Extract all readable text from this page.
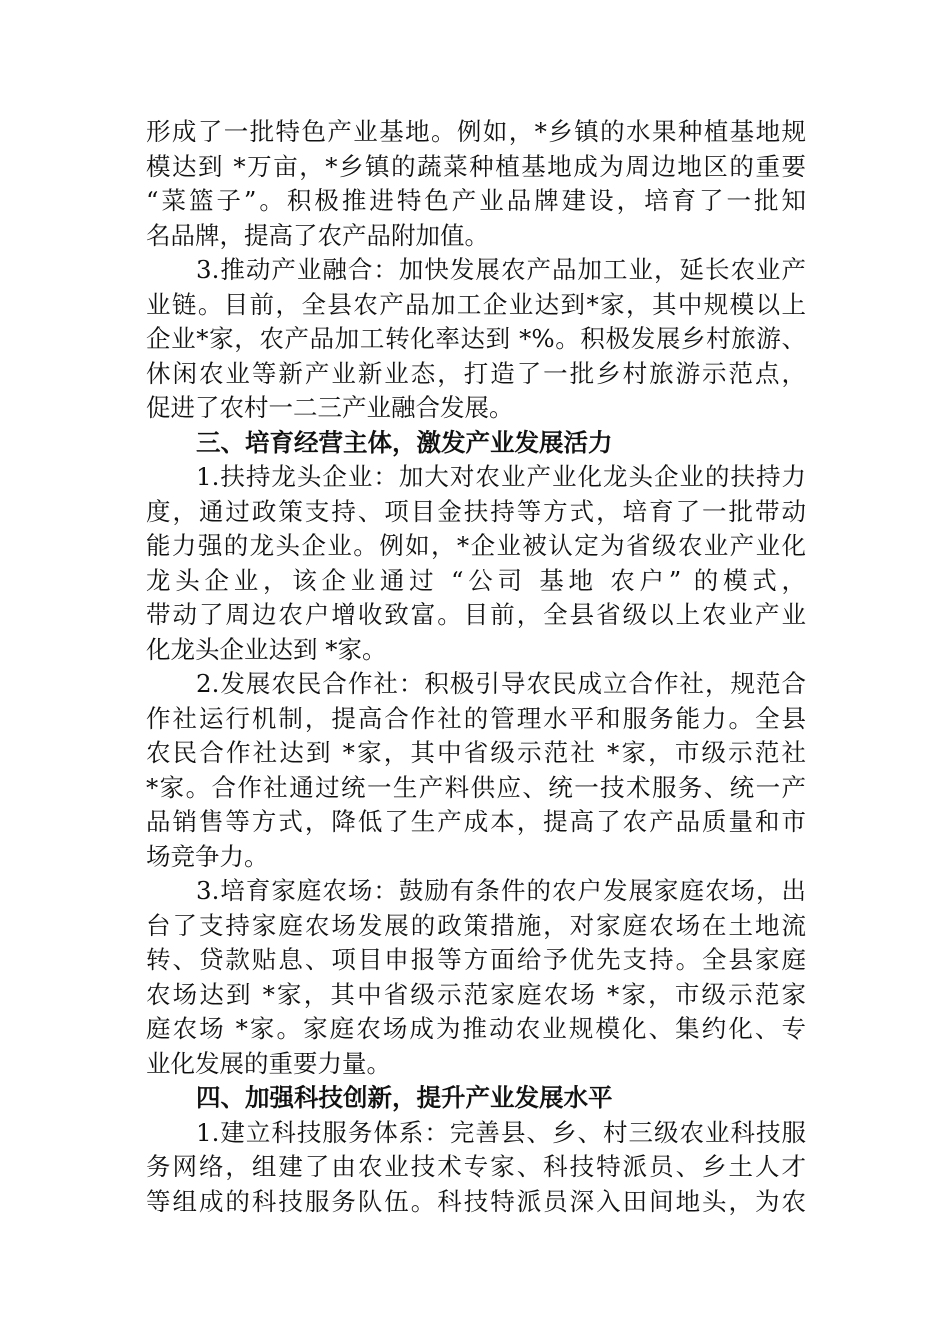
形成了一批特色产业基地。例如，*乡镇的水果种植基地规
模达到 *万亩，*乡镇的蔬菜种植基地成为周边地区的重要
“菜篮子”。积极推进特色产业品牌建设，培育了一批知
名品牌，提高了农产品附加值。
3.推动产业融合：加快发展农产品加工业，延长农业产
业链。目前，全县农产品加工企业达到*家，其中规模以上
企业*家，农产品加工转化率达到 *%。积极发展乡村旅游、
休闲农业等新产业新业态，打造了一批乡村旅游示范点，
促进了农村一二三产业融合发展。
三、培育经营主体，激发产业发展活力
1.扶持龙头企业：加大对农业产业化龙头企业的扶持力
度，通过政策支持、项目金扶持等方式，培育了一批带动
能力强的龙头企业。例如，*企业被认定为省级农业产业化
龙头企业，该企业通过 “公司 基地 农户” 的模式，
带动了周边农户增收致富。目前，全县省级以上农业产业
化龙头企业达到 *家。
2.发展农民合作社：积极引导农民成立合作社，规范合
作社运行机制，提高合作社的管理水平和服务能力。全县
农民合作社达到 *家，其中省级示范社 *家，市级示范社
*家。合作社通过统一生产料供应、统一技术服务、统一产
品销售等方式，降低了生产成本，提高了农产品质量和市
场竞争力。
3.培育家庭农场：鼓励有条件的农户发展家庭农场，出
台了支持家庭农场发展的政策措施，对家庭农场在土地流
转、贷款贴息、项目申报等方面给予优先支持。全县家庭
农场达到 *家，其中省级示范家庭农场 *家，市级示范家
庭农场 *家。家庭农场成为推动农业规模化、集约化、专
业化发展的重要力量。
四、加强科技创新，提升产业发展水平
1.建立科技服务体系：完善县、乡、村三级农业科技服
务网络，组建了由农业技术专家、科技特派员、乡土人才
等组成的科技服务队伍。科技特派员深入田间地头，为农
